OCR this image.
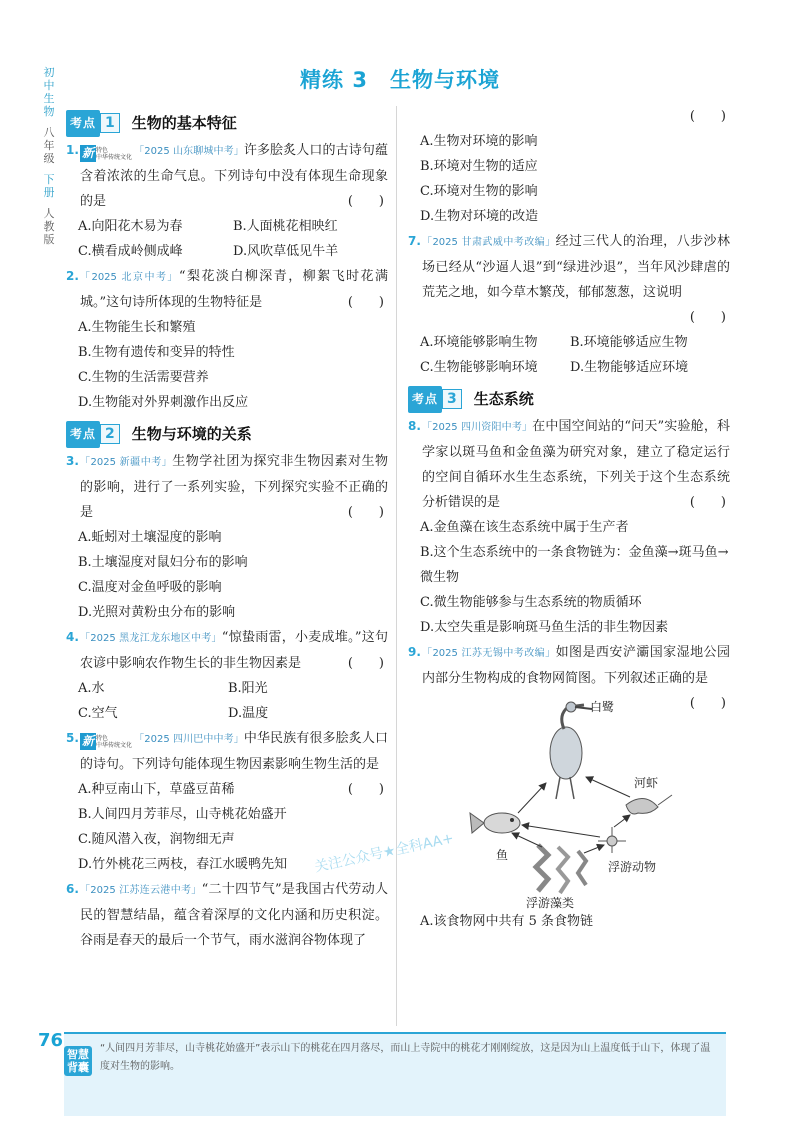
初中生物
八年级
下册
人教版
精练 3　生物与环境
考点 1	生物的基本特征
1. 新 特色
中华传统文化 「2025 山东聊城中考」许多脍炙人口的古诗句蕴含着浓浓的生命气息。下列诗句中没有体现生命现象的是	(　　)
A.向阳花木易为春	B.人面桃花相映红
C.横看成岭侧成峰	D.风吹草低见牛羊
2. 「2025 北京中考」“梨花淡白柳深青，柳絮飞时花满城。”这句诗所体现的生物特征是	(　　)
A.生物能生长和繁殖
B.生物有遗传和变异的特性
C.生物的生活需要营养
D.生物能对外界刺激作出反应
考点 2	生物与环境的关系
3. 「2025 新疆中考」生物学社团为探究非生物因素对生物的影响，进行了一系列实验，下列探究实验不正确的是	(　　)
A.蚯蚓对土壤湿度的影响
B.土壤湿度对鼠妇分布的影响
C.温度对金鱼呼吸的影响
D.光照对黄粉虫分布的影响
4. 「2025 黑龙江龙东地区中考」“惊蛰雨雷，小麦成堆。”这句农谚中影响农作物生长的非生物因素是	(　　)
A.水	B.阳光
C.空气	D.温度
5. 新 特色
中华传统文化 「2025 四川巴中中考」中华民族有很多脍炙人口的诗句。下列诗句能体现生物因素影响生物生活的是
(　　)
A.种豆南山下，草盛豆苗稀
B.人间四月芳菲尽，山寺桃花始盛开
C.随风潜入夜，润物细无声
D.竹外桃花三两枝，春江水暖鸭先知
6. 「2025 江苏连云港中考」“二十四节气”是我国古代劳动人民的智慧结晶，蕴含着深厚的文化内涵和历史积淀。谷雨是春天的最后一个节气，雨水滋润谷物体现了
(　　)
A.生物对环境的影响
B.环境对生物的适应
C.环境对生物的影响
D.生物对环境的改造
7. 「2025 甘肃武威中考改编」经过三代人的治理，八步沙林场已经从“沙逼人退”到“绿进沙退”，当年风沙肆虐的荒芜之地，如今草木繁茂，郁郁葱葱，这说明
(　　)
A.环境能够影响生物	B.环境能够适应生物
C.生物能够影响环境	D.生物能够适应环境
考点 3	生态系统
8. 「2025 四川资阳中考」在中国空间站的“问天”实验舱，科学家以斑马鱼和金鱼藻为研究对象，建立了稳定运行的空间自循环水生生态系统，下列关于这个生态系统分析错误的是	(　　)
A.金鱼藻在该生态系统中属于生产者
B.这个生态系统中的一条食物链为：金鱼藻→斑马鱼→微生物
C.微生物能够参与生态系统的物质循环
D.太空失重是影响斑马鱼生活的非生物因素
9. 「2025 江苏无锡中考改编」如图是西安浐灞国家湿地公园内部分生物构成的食物网简图。下列叙述正确的是
(　　)
白鹭
河虾
鱼
浮游动物
浮游藻类
A.该食物网中共有 5 条食物链
关注公众号★全科AA+
76
智慧背囊
“人间四月芳菲尽，山寺桃花始盛开”表示山下的桃花在四月落尽，而山上寺院中的桃花才刚刚绽放，这是因为山上温度低于山下，体现了温度对生物的影响。
